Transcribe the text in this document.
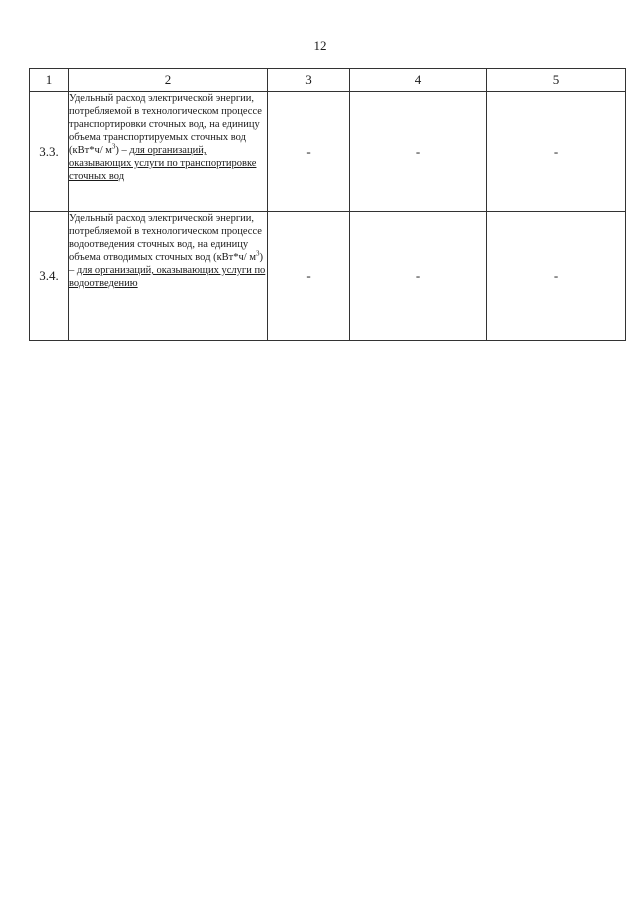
12
1	2	3	4	5
3.3.	Удельный расход электрической энергии, потребляемой в технологическом процессе транспортировки сточных вод, на единицу объема транспортируемых сточных вод (кВт*ч/ $м^3$) – для организаций, оказывающих услуги по транспортировке сточных вод	-	-	-
3.4.	Удельный расход электрической энергии, потребляемой в технологическом процессе водоотведения сточных вод, на единицу объема отводимых сточных вод (кВт*ч/ $м^3$) – для организаций, оказывающих услуги по водоотведению	-	-	-
